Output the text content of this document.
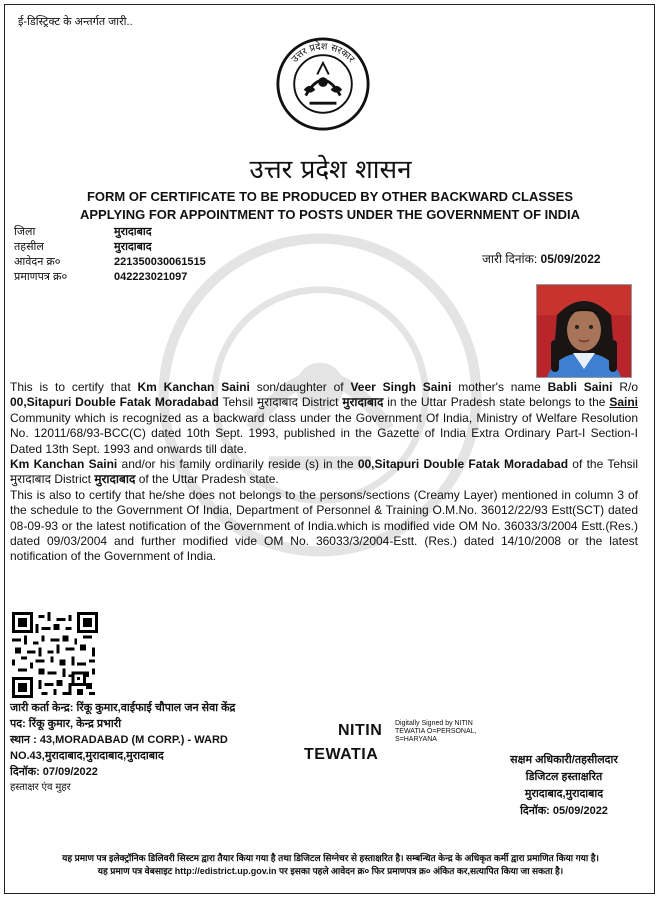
ई-डिस्ट्रिक्ट के अन्तर्गत जारी..
उत्तर प्रदेश सरकार
उत्तर प्रदेश शासन
FORM OF CERTIFICATE TO BE PRODUCED BY OTHER BACKWARD CLASSES
APPLYING FOR APPOINTMENT TO POSTS UNDER THE GOVERNMENT OF INDIA
जिला	मुरादाबाद
तहसील	मुरादाबाद
आवेदन क्र०	221350030061515
प्रमाणपत्र क्र०	042223021097
जारी दिनांक: 05/09/2022

This is to certify that Km Kanchan Saini son/daughter of Veer Singh Saini mother's name Babli Saini R/o 00,Sitapuri Double Fatak Moradabad Tehsil मुरादाबाद District मुरादाबाद in the Uttar Pradesh state belongs to the Saini Community which is recognized as a backward class under the Government Of India, Ministry of Welfare Resolution No. 12011/68/93-BCC(C) dated 10th Sept. 1993, published in the Gazette of India Extra Ordinary Part-I Section-I Dated 13th Sept. 1993 and onwards till date.

Km Kanchan Saini and/or his family ordinarily reside (s) in the 00,Sitapuri Double Fatak Moradabad of the Tehsil मुरादाबाद District मुरादाबाद of the Uttar Pradesh state.

This is also to certify that he/she does not belongs to the persons/sections (Creamy Layer) mentioned in column 3 of the schedule to the Government Of India, Department of Personnel & Training O.M.No. 36012/22/93 Estt(SCT) dated 08-09-93 or the latest notification of the Government of India.which is modified vide OM No. 36033/3/2004 Estt.(Res.) dated 09/03/2004 and further modified vide OM No. 36033/3/2004-Estt. (Res.) dated 14/10/2008 or the latest notification of the Government of India.

जारी कर्ता केन्द्र: रिंकू कुमार,वाईफाई चौपाल जन सेवा केंद्र
पद: रिंकू कुमार, केन्द्र प्रभारी
स्थान : 43,MORADABAD (M CORP.) - WARD
NO.43,मुरादाबाद,मुरादाबाद,मुरादाबाद
दिनॉक: 07/09/2022
हस्ताक्षर एंव मुहर
NITIN
TEWATIA
Digitally Signed by NITIN
TEWATIA O=PERSONAL,
S=HARYANA
सक्षम अधिकारी/तहसीलदार
डिजिटल हस्ताक्षरित
मुरादाबाद,मुरादाबाद
दिनॉक: 05/09/2022
यह प्रमाण पत्र इलेक्ट्रॉनिक डिलिवरी सिस्टम द्वारा तैयार किया गया है तथा डिजिटल सिग्नेचर से हस्ताक्षरित है। सम्बन्धित केन्द्र के अधिकृत कर्मी द्वारा प्रमाणित किया गया है।
यह प्रमाण पत्र वेबसाइट http://edistrict.up.gov.in पर इसका पहले आवेदन क्र० फिर प्रमाणपत्र क्र० अंकित कर,सत्यापित किया जा सकता है।
